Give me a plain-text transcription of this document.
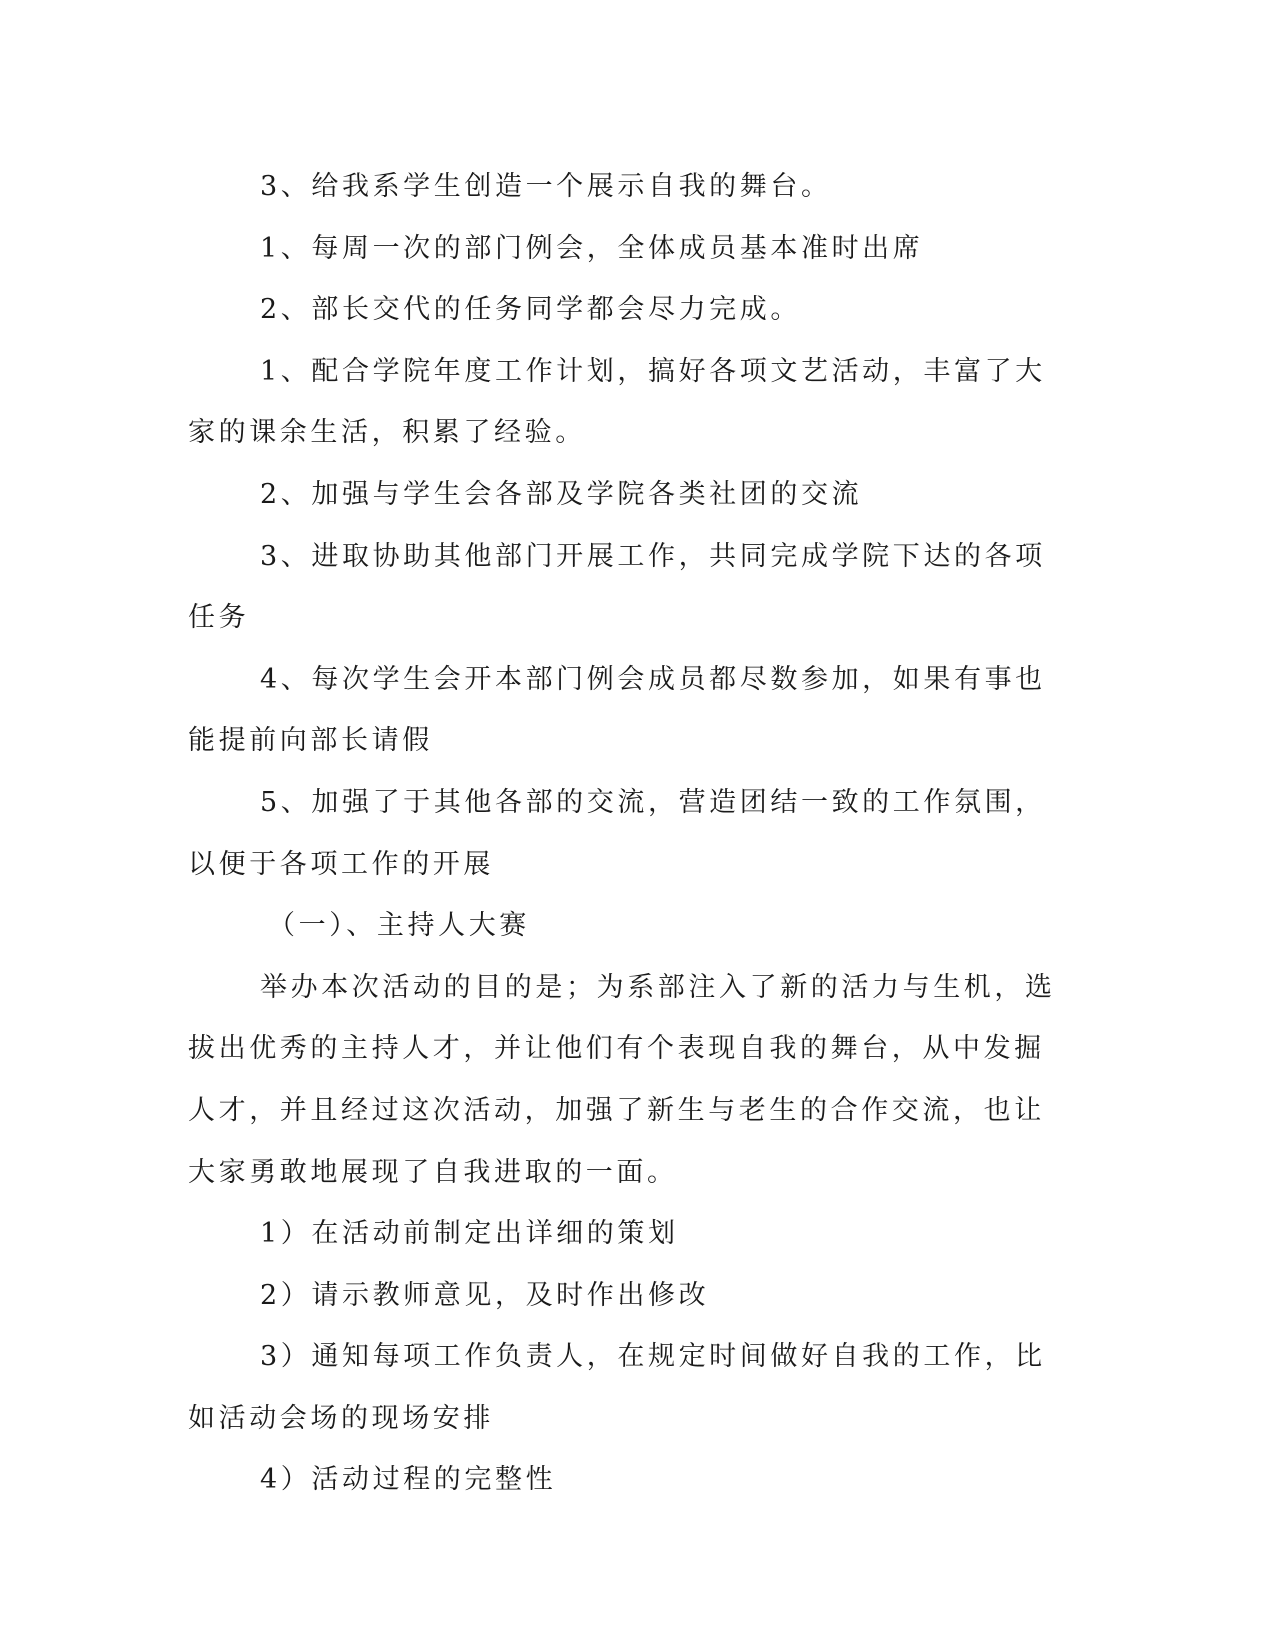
3、给我系学生创造一个展示自我的舞台。

1、每周一次的部门例会，全体成员基本准时出席

2、部长交代的任务同学都会尽力完成。

1、配合学院年度工作计划，搞好各项文艺活动，丰富了大家的课余生活，积累了经验。

2、加强与学生会各部及学院各类社团的交流

3、进取协助其他部门开展工作，共同完成学院下达的各项任务

4、每次学生会开本部门例会成员都尽数参加，如果有事也能提前向部长请假

5、加强了于其他各部的交流，营造团结一致的工作氛围，以便于各项工作的开展

（一）、主持人大赛

举办本次活动的目的是；为系部注入了新的活力与生机，选拔出优秀的主持人才，并让他们有个表现自我的舞台，从中发掘人才，并且经过这次活动，加强了新生与老生的合作交流，也让大家勇敢地展现了自我进取的一面。

1）在活动前制定出详细的策划

2）请示教师意见，及时作出修改

3）通知每项工作负责人，在规定时间做好自我的工作，比如活动会场的现场安排

4）活动过程的完整性
